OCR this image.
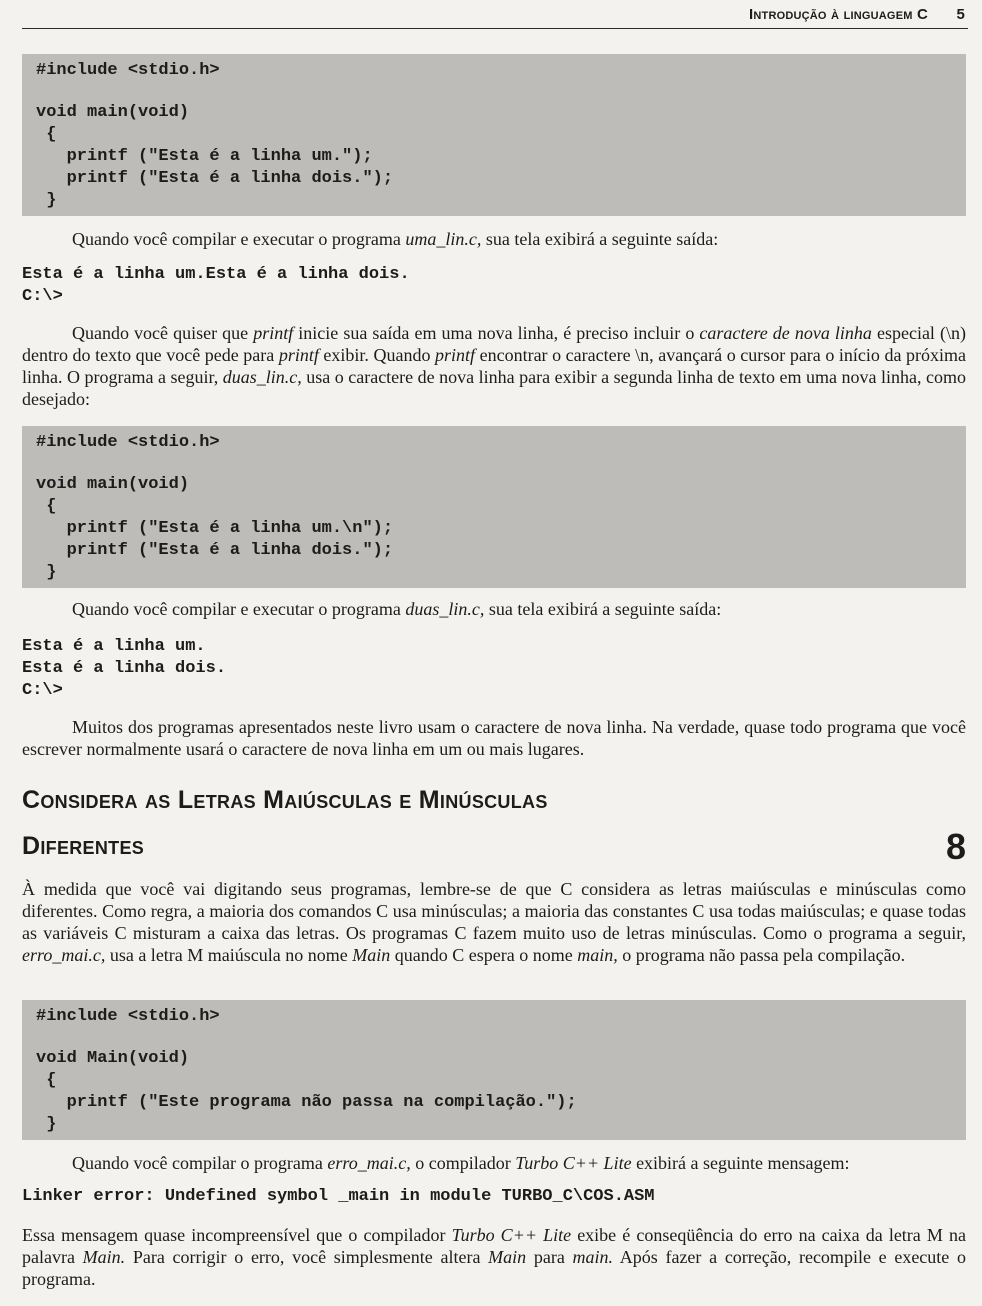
Introdução à linguagem C 5
#include <stdio.h>
void main(void)
{
printf ("Esta é a linha um.");
printf ("Esta é a linha dois.");
}
Quando você compilar e executar o programa uma_lin.c, sua tela exibirá a seguinte saída:
Esta é a linha um.Esta é a linha dois.
C:\>
Quando você quiser que printf inicie sua saída em uma nova linha, é preciso incluir o caractere de nova linha especial (\n) dentro do texto que você pede para printf exibir. Quando printf encontrar o caractere \n, avançará o cursor para o início da próxima linha. O programa a seguir, duas_lin.c, usa o caractere de nova linha para exibir a segunda linha de texto em uma nova linha, como desejado:
#include <stdio.h>
void main(void)
{
printf ("Esta é a linha um.\n");
printf ("Esta é a linha dois.");
}
Quando você compilar e executar o programa duas_lin.c, sua tela exibirá a seguinte saída:
Esta é a linha um.
Esta é a linha dois.
C:\>
Muitos dos programas apresentados neste livro usam o caractere de nova linha. Na verdade, quase todo programa que você escrever normalmente usará o caractere de nova linha em um ou mais lugares.
Considera as Letras Maiúsculas e Minúsculas
Diferentes	8
À medida que você vai digitando seus programas, lembre-se de que C considera as letras maiúsculas e minúsculas como diferentes. Como regra, a maioria dos comandos C usa minúsculas; a maioria das constantes C usa todas maiúsculas; e quase todas as variáveis C misturam a caixa das letras. Os programas C fazem muito uso de letras minúsculas. Como o programa a seguir, erro_mai.c, usa a letra M maiúscula no nome Main quando C espera o nome main, o programa não passa pela compilação.
#include <stdio.h>
void Main(void)
{
printf ("Este programa não passa na compilação.");
}
Quando você compilar o programa erro_mai.c, o compilador Turbo C++ Lite exibirá a seguinte mensagem:
Linker error: Undefined symbol _main in module TURBO_C\COS.ASM
Essa mensagem quase incompreensível que o compilador Turbo C++ Lite exibe é conseqüência do erro na caixa da letra M na palavra Main. Para corrigir o erro, você simplesmente altera Main para main. Após fazer a correção, recompile e execute o programa.
